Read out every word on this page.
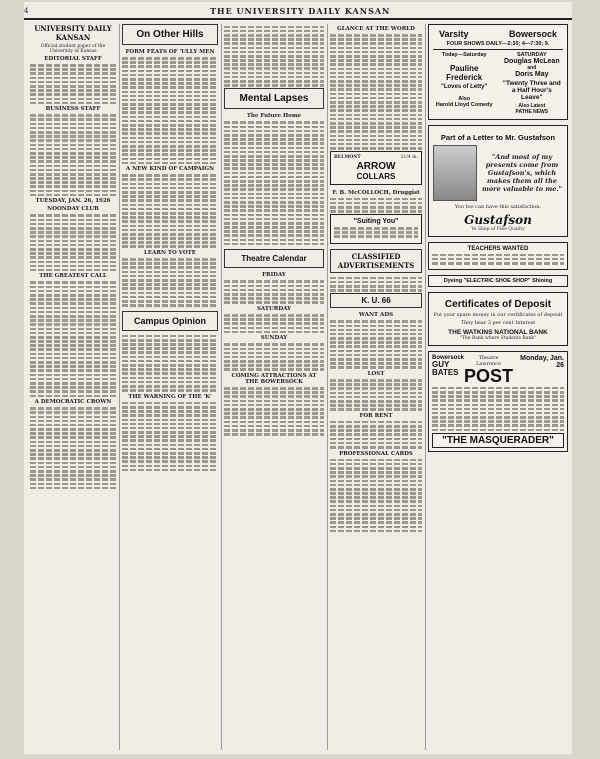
4	THE UNIVERSITY DAILY KANSAN
UNIVERSITY DAILY KANSAN
Official student paper of the University of Kansas
EDITORIAL STAFF
BUSINESS STAFF
TUESDAY, JAN. 26, 1926
NOONDAY CLUB
THE GREATEST CALL
A DEMOCRATIC CROWN
On Other Hills
FORM FEATS OF 'ULLY MEN
A NEW KIND OF CAMPAIGN
LEARN TO VOTE
Campus Opinion
THE WARNING OF THE 'K'
Mental Lapses
The Future Home
Theatre Calendar
FRIDAY
SATURDAY
SUNDAY
COMING ATTRACTIONS AT THE BOWERSOCK
GLANCE AT THE WORLD
BELMONT	21/4 in.
ARROW
COLLARS
F. B. McCOLLOCH, Druggist
"Suiting You"
CLASSIFIED ADVERTISEMENTS
K. U. 66
WANT ADS
LOST
FOR RENT
PROFESSIONAL CARDS
Varsity	Bowersock
FOUR SHOWS DAILY—2:30; 4—7:30; 9.
Today—Saturday
Pauline Frederick
"Loves of Letty"
Also
Harold Lloyd Comedy
SATURDAY
Douglas McLean
and
Doris May
"Twenty Three and a Half Hour's Leave"
Also Latest
PATHE NEWS
Part of a Letter to Mr. Gustafson
"And most of my presents come from Gustafson's, which makes them all the more valuable to me."
You too can have this satisfaction.
Gustafson
Ye Shop of Fine Quality
TEACHERS WANTED
Dyeing "ELECTRIC SHOE SHOP" Shining
Certificates of Deposit
Put your spare money in our certificates of deposit
They bear 3 per cent Interest
THE WATKINS NATIONAL BANK
"The Bank where Students Bank"
Bowersock
GUY
BATES
Theatre
Lawrence
POST
Monday, Jan. 26
"THE MASQUERADER"
